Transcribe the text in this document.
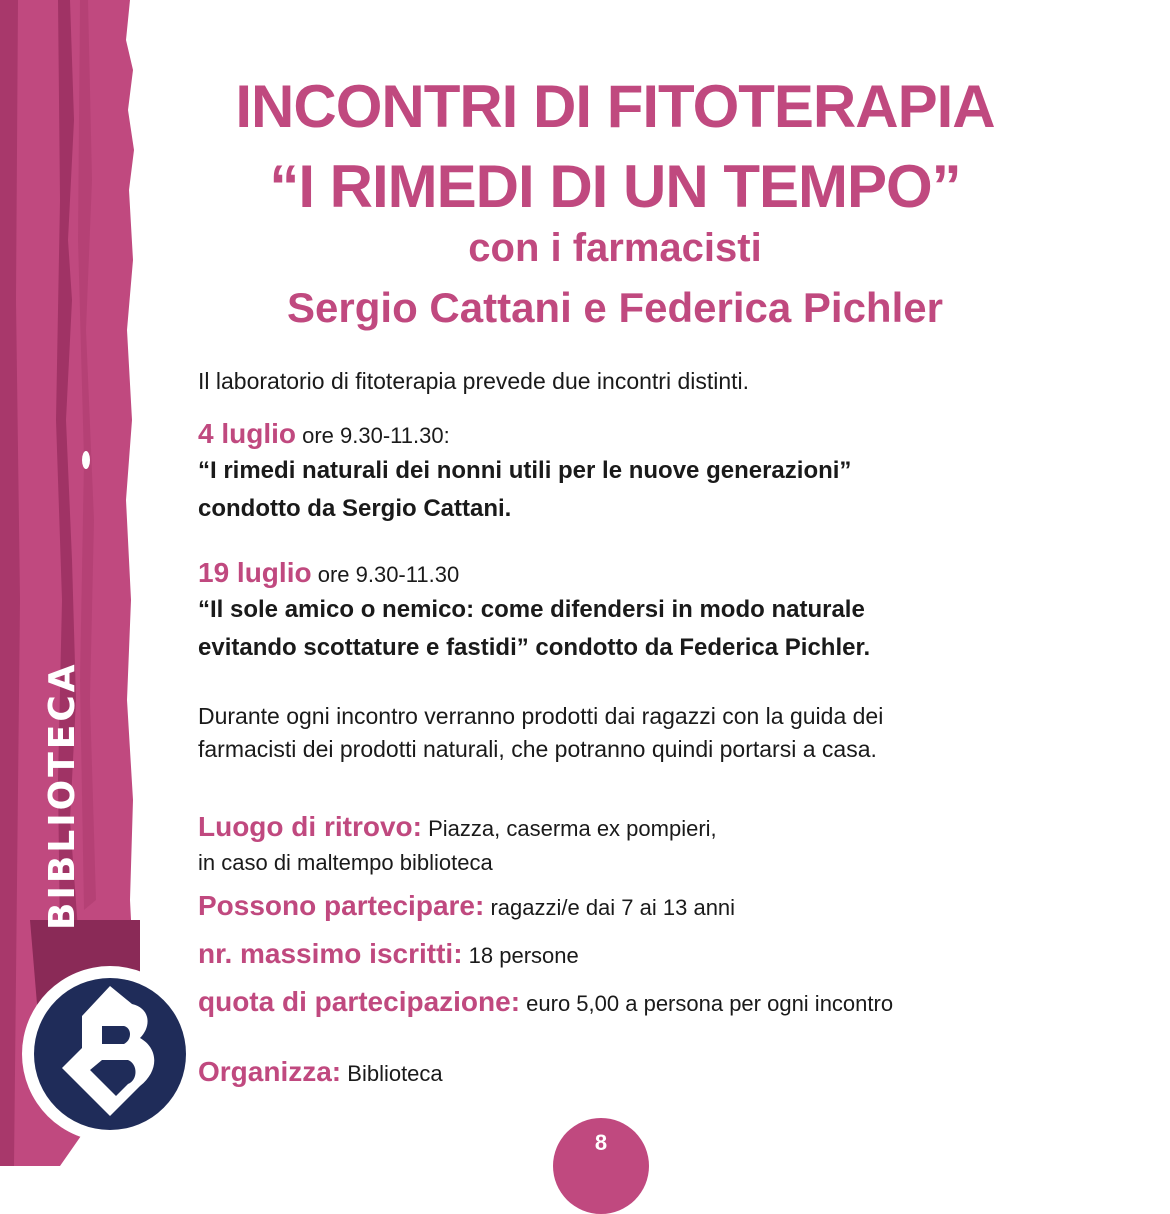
BIBLIOTECA
INCONTRI DI FITOTERAPIA
“I RIMEDI DI UN TEMPO”
con i farmacisti
Sergio Cattani e Federica Pichler
Il laboratorio di fitoterapia prevede due incontri distinti.
4 luglio ore 9.30-11.30:
“I rimedi naturali dei nonni utili per le nuove generazioni”
condotto da Sergio Cattani.
19 luglio ore 9.30-11.30
“Il sole amico o nemico: come difendersi in modo naturale
evitando scottature e fastidi” condotto da Federica Pichler.
Durante ogni incontro verranno prodotti dai ragazzi con la guida dei
farmacisti dei prodotti naturali, che potranno quindi portarsi a casa.
Luogo di ritrovo: Piazza, caserma ex pompieri,
in caso di maltempo biblioteca
Possono partecipare: ragazzi/e dai 7 ai 13 anni
nr. massimo iscritti: 18 persone
quota di partecipazione: euro 5,00 a persona per ogni incontro
Organizza: Biblioteca
8
